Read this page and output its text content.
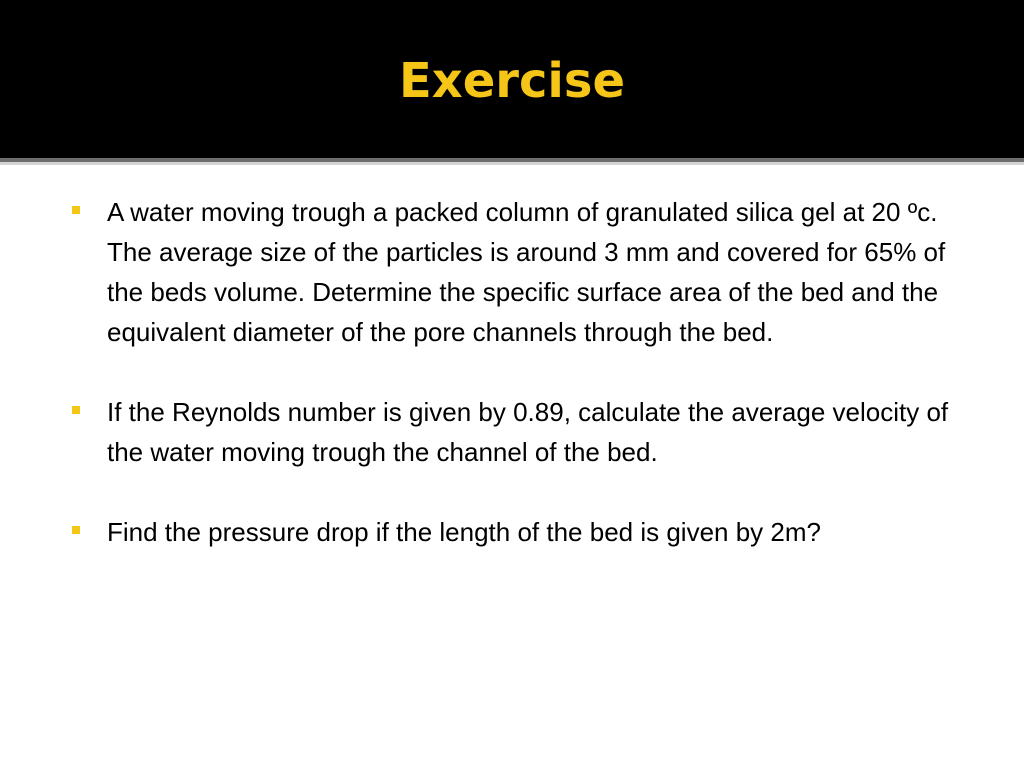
Exercise
A water moving trough a packed column of granulated silica gel at 20 ºc. The average size of the particles is around 3 mm and covered for 65% of the beds volume. Determine the specific surface area of the bed and the equivalent diameter of the pore channels through the bed.
If the Reynolds number is given by 0.89, calculate the average velocity of the water moving trough the channel of the bed.
Find the pressure drop if the length of the bed is given by 2m?
